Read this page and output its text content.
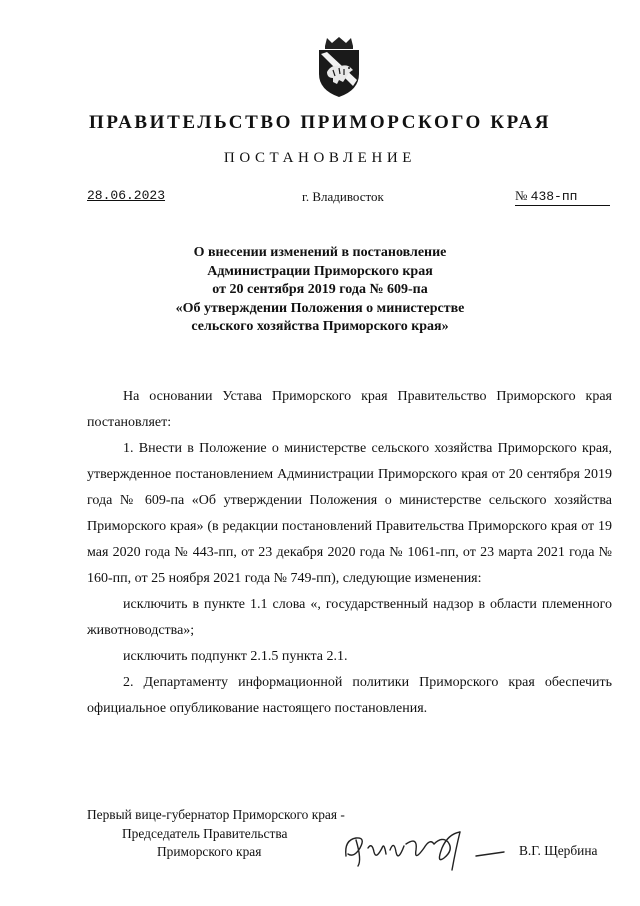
ПРАВИТЕЛЬСТВО ПРИМОРСКОГО КРАЯ
ПОСТАНОВЛЕНИЕ
28.06.2023	г. Владивосток	№ 438-пп
О внесении изменений в постановление
Администрации Приморского края
от 20 сентября 2019 года № 609-па
«Об утверждении Положения о министерстве
сельского хозяйства Приморского края»

На основании Устава Приморского края Правительство Приморского края постановляет:

1. Внести в Положение о министерстве сельского хозяйства Приморского края, утвержденное постановлением Администрации Приморского края от 20 сентября 2019 года № 609-па «Об утверждении Положения о министерстве сельского хозяйства Приморского края» (в редакции постановлений Правительства Приморского края от 19 мая 2020 года № 443-пп, от 23 декабря 2020 года № 1061-пп, от 23 марта 2021 года № 160-пп, от 25 ноября 2021 года № 749-пп), следующие изменения:

исключить в пункте 1.1 слова «, государственный надзор в области племенного животноводства»;

исключить подпункт 2.1.5 пункта 2.1.

2. Департаменту информационной политики Приморского края обеспечить официальное опубликование настоящего постановления.

Первый вице-губернатор Приморского края -
Председатель Правительства
Приморского края	В.Г. Щербина
